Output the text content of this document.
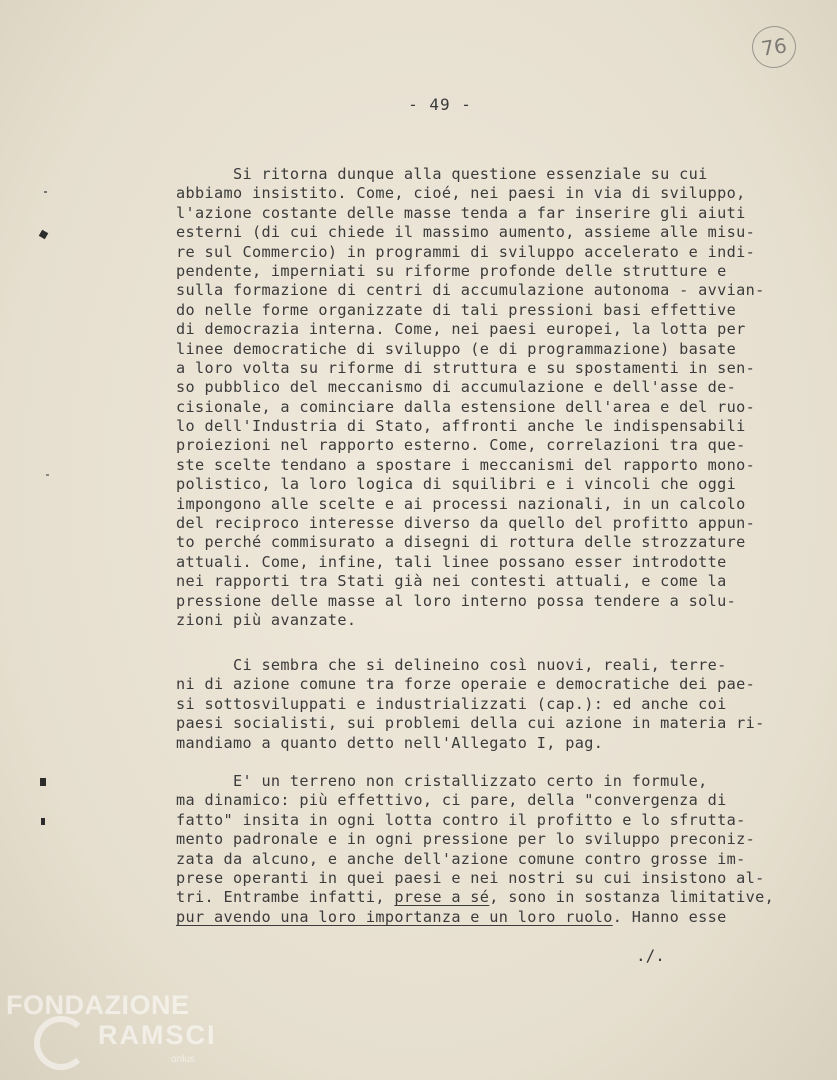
76
- 49 -
Si ritorna dunque alla questione essenziale su cui
abbiamo insistito. Come, cioé, nei paesi in via di sviluppo,
l'azione costante delle masse tenda a far inserire gli aiuti
esterni (di cui chiede il massimo aumento, assieme alle misu-
re sul Commercio) in programmi di sviluppo accelerato e indi-
pendente, imperniati su riforme profonde delle strutture e
sulla formazione di centri di accumulazione autonoma - avvian-
do nelle forme organizzate di tali pressioni basi effettive
di democrazia interna. Come, nei paesi europei, la lotta per
linee democratiche di sviluppo (e di programmazione) basate
a loro volta su riforme di struttura e su spostamenti in sen-
so pubblico del meccanismo di accumulazione e dell'asse de-
cisionale, a cominciare dalla estensione dell'area e del ruo-
lo dell'Industria di Stato, affronti anche le indispensabili
proiezioni nel rapporto esterno. Come, correlazioni tra que-
ste scelte tendano a spostare i meccanismi del rapporto mono-
polistico, la loro logica di squilibri e i vincoli che oggi
impongono alle scelte e ai processi nazionali, in un calcolo
del reciproco interesse diverso da quello del profitto appun-
to perché commisurato a disegni di rottura delle strozzature
attuali. Come, infine, tali linee possano esser introdotte
nei rapporti tra Stati già nei contesti attuali, e come la
pressione delle masse al loro interno possa tendere a solu-
zioni più avanzate.
Ci sembra che si delineino così nuovi, reali, terre-
ni di azione comune tra forze operaie e democratiche dei pae-
si sottosviluppati e industrializzati (cap.): ed anche coi
paesi socialisti, sui problemi della cui azione in materia ri-
mandiamo a quanto detto nell'Allegato I, pag.
E' un terreno non cristallizzato certo in formule,
ma dinamico: più effettivo, ci pare, della "convergenza di
fatto" insita in ogni lotta contro il profitto e lo sfrutta-
mento padronale e in ogni pressione per lo sviluppo preconiz-
zata da alcuno, e anche dell'azione comune contro grosse im-
prese operanti in quei paesi e nei nostri su cui insistono al-
tri. Entrambe infatti, prese a sé, sono in sostanza limitative,
pur avendo una loro importanza e un loro ruolo. Hanno esse
./.
FONDAZIONE
RAMSCI
onlus
